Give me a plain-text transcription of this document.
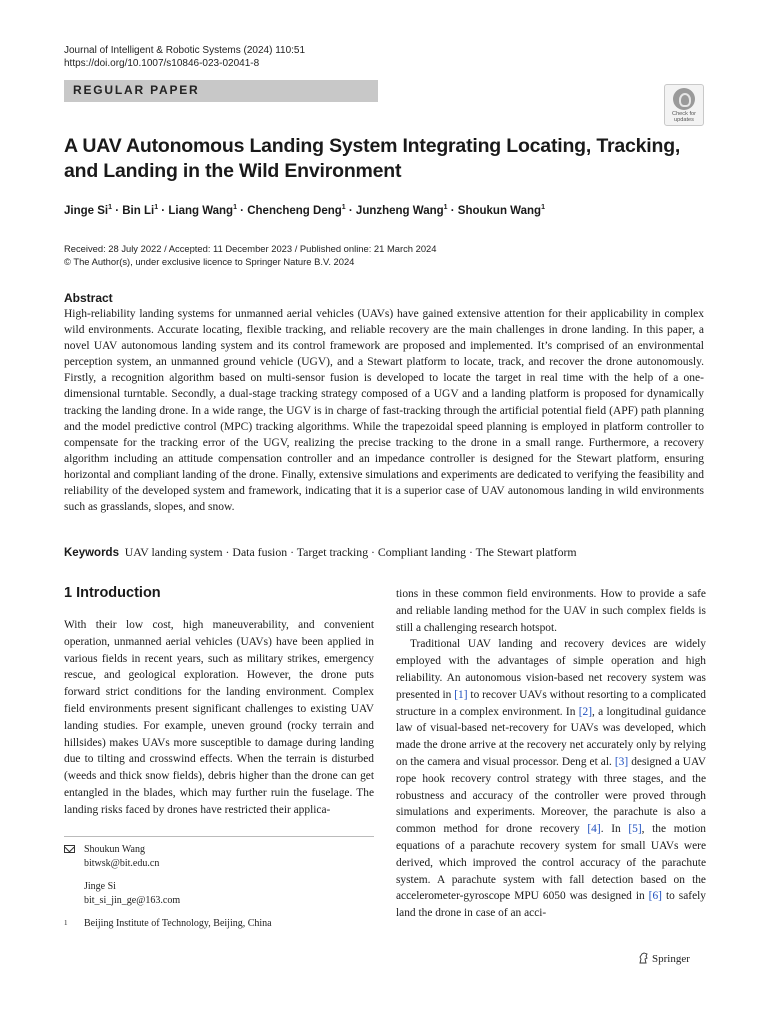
Journal of Intelligent & Robotic Systems (2024) 110:51
https://doi.org/10.1007/s10846-023-02041-8
REGULAR PAPER
Check for
updates
A UAV Autonomous Landing System Integrating Locating, Tracking,
and Landing in the Wild Environment
Jinge $Si^1$ · Bin $Li^1$ · Liang Wang$^1$ · Chencheng Deng$^1$ · Junzheng Wang$^1$ · Shoukun Wang$^1$
Received: 28 July 2022 / Accepted: 11 December 2023 / Published online: 21 March 2024
© The Author(s), under exclusive licence to Springer Nature B.V. 2024
Abstract

High-reliability landing systems for unmanned aerial vehicles (UAVs) have gained extensive attention for their applicability in complex wild environments. Accurate locating, flexible tracking, and reliable recovery are the main challenges in drone landing. In this paper, a novel UAV autonomous landing system and its control framework are proposed and implemented. It’s comprised of an environmental perception system, an unmanned ground vehicle (UGV), and a Stewart platform to locate, track, and recover the drone autonomously. Firstly, a recognition algorithm based on multi-sensor fusion is developed to locate the target in real time with the help of a one-dimensional turntable. Secondly, a dual-stage tracking strategy composed of a UGV and a landing platform is proposed for dynamically tracking the landing drone. In a wide range, the UGV is in charge of fast-tracking through the artificial potential field (APF) path planning and the model predictive control (MPC) tracking algorithms. While the trapezoidal speed planning is employed in platform controller to compensate for the tracking error of the UGV, realizing the precise tracking to the drone in a small range. Furthermore, a recovery algorithm including an attitude compensation controller and an impedance controller is designed for the Stewart platform, ensuring horizontal and compliant landing of the drone. Finally, extensive simulations and experiments are dedicated to verifying the feasibility and reliability of the developed system and framework, indicating that it is a superior case of UAV autonomous landing in wild environments such as grasslands, slopes, and snow.

Keywords UAV landing system · Data fusion · Target tracking · Compliant landing · The Stewart platform
1 Introduction

With their low cost, high maneuverability, and convenient operation, unmanned aerial vehicles (UAVs) have been applied in various fields in recent years, such as military strikes, emergency rescue, and geological exploration. However, the drone puts forward strict conditions for the landing environment. Complex field environments present significant challenges to existing UAV landing studies. For example, uneven ground (rocky terrain and hillsides) makes UAVs more susceptible to damage during landing due to tilting and crosswind effects. When the terrain is disturbed (weeds and thick snow fields), debris higher than the drone can get entangled in the blades, which may further ruin the fuselage. The landing risks faced by drones have restricted their applica-

tions in these common field environments. How to provide a safe and reliable landing method for the UAV in such complex fields is still a challenging research hotspot.

Traditional UAV landing and recovery devices are widely employed with the advantages of simple operation and high reliability. An autonomous vision-based net recovery system was presented in [1] to recover UAVs without resorting to a complicated structure in a complex environment. In [2], a longitudinal guidance law of visual-based net-recovery for UAVs was developed, which made the drone arrive at the recovery net accurately only by relying on the camera and visual processor. Deng et al. [3] designed a UAV rope hook recovery control strategy with three stages, and the robustness and accuracy of the controller were proved through simulations and experiments. Moreover, the parachute is also a common method for drone recovery [4]. In [5], the motion equations of a parachute recovery system for small UAVs were derived, which improved the control accuracy of the parachute system. A parachute system with fall detection based on the accelerometer-gyroscope MPU 6050 was designed in [6] to safely land the drone in case of an acci-

Shoukun Wang
bitwsk@bit.edu.cn
Jinge Si
bit_si_jin_ge@163.com
1 Beijing Institute of Technology, Beijing, China
Springer
